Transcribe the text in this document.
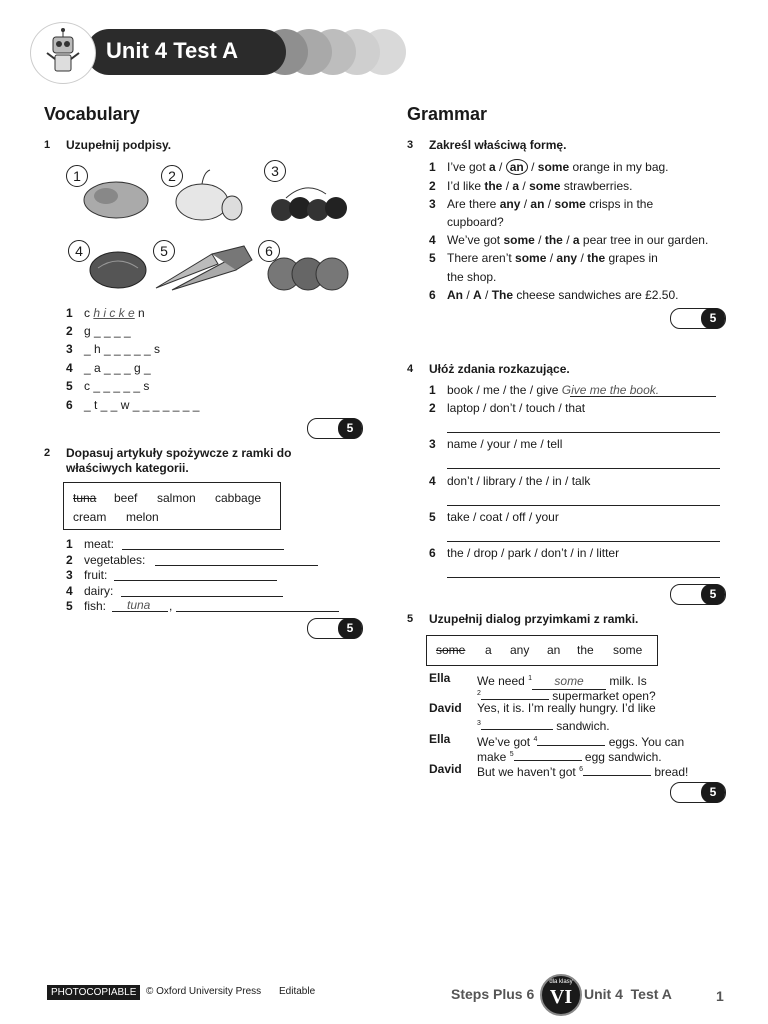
Unit 4 Test A
Vocabulary
1 Uzupełnij podpisy.
1	2	3
4	5	6
1 c h i c k e n
2 g _ _ _ _
3 _ h _ _ _ _ _ s
4 _ a _ _ _ g _
5 c _ _ _ _ _ s
6 _ t _ _ w _ _ _ _ _ _ _
5
2 Dopasuj artykuły spożywcze z ramki do
właściwych kategorii.
tuna beef salmon cabbage
cream melon
1 meat:
2 vegetables:
3 fruit:
4 dairy:
5 fish: tuna ,
5
Grammar
3 Zakreśl właściwą formę.
1 I’ve got a / an / some orange in my bag.
2 I’d like the / a / some strawberries.
3 Are there any / an / some crisps in the
cupboard?
4 We’ve got some / the / a pear tree in our garden.
5 There aren’t some / any / the grapes in
the shop.
6 An / A / The cheese sandwiches are £2.50.
5
4 Ułóż zdania rozkazujące.
1 book / me / the / give Give me the book.
2 laptop / don’t / touch / that
3 name / your / me / tell
4 don’t / library / the / in / talk
5 take / coat / off / your
6 the / drop / park / don’t / in / litter
5
5 Uzupełnij dialog przyimkami z ramki.
some a any an the some
Ella We need $^1$ some milk. Is
$^2$	supermarket open?
David Yes, it is. I’m really hungry. I’d like
$^3$	sandwich.
Ella We’ve got $^4$	eggs. You can
make $^5$	egg sandwich.
David But we haven’t got $^6$	bread!
5
PHOTOCOPIABLE © Oxford University Press Editable	Steps Plus 6
dla klasy
VI Unit 4  Test A	1
